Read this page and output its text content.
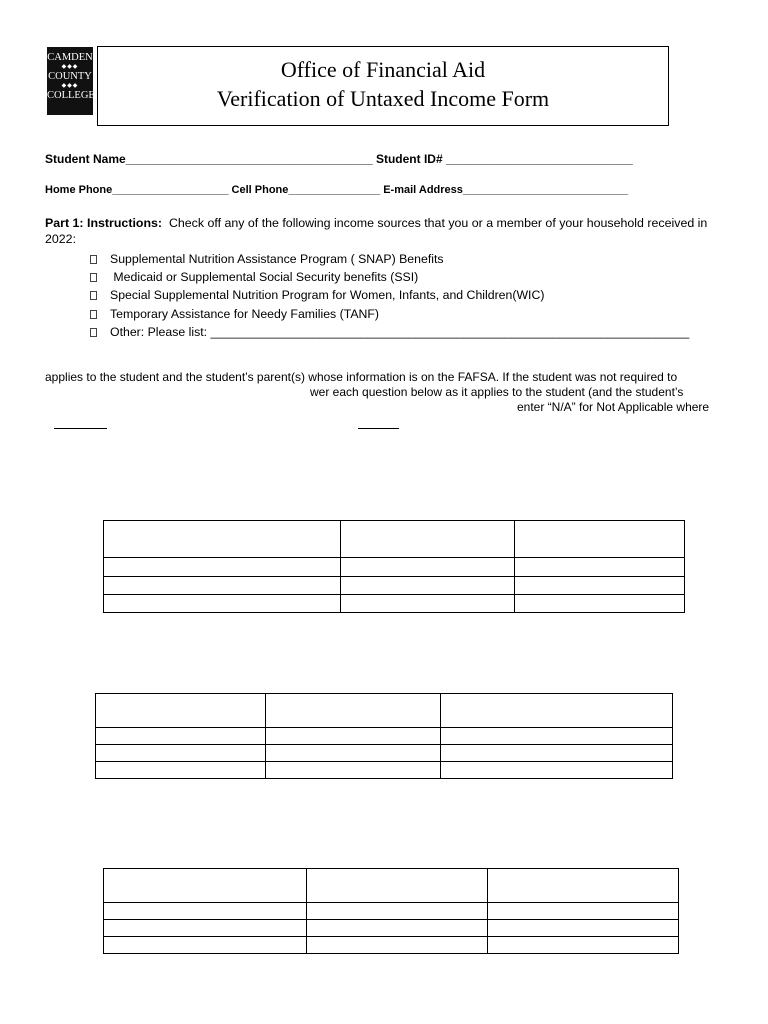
CAMDEN
◆◆◆
COUNTY
◆◆◆
COLLEGE
Office of Financial Aid
Verification of Untaxed Income Form
Student Name_____________________________________ Student ID# ____________________________
Home Phone___________________ Cell Phone_______________ E-mail Address___________________________
Part 1: Instructions: Check off any of the following income sources that you or a member of your household received in 2022:
Supplemental Nutrition Assistance Program ( SNAP) Benefits
Medicaid or Supplemental Social Security benefits (SSI)
Special Supplemental Nutrition Program for Women, Infants, and Children(WIC)
Temporary Assistance for Needy Families (TANF)
Other: Please list: ______________________________________________________________________
applies to the student and the student’s parent(s) whose information is on the FAFSA. If the student was not required to
wer each question below as it applies to the student (and the student’s
enter “N/A” for Not Applicable where
